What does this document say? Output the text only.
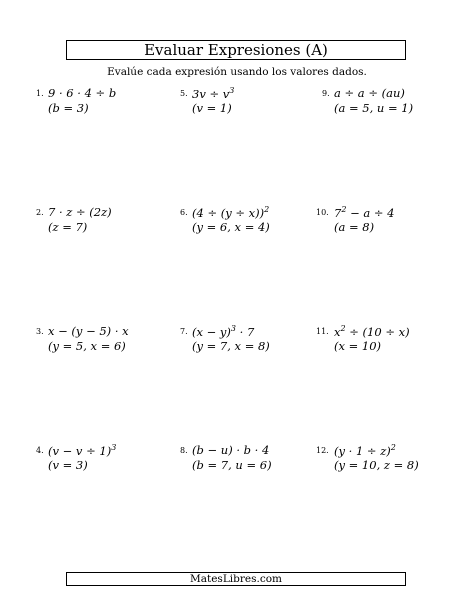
Evaluar Expresiones (A)
Evalúe cada expresión usando los valores dados.
1. 9 · 6 · 4 ÷ b
(b = 3)
2. 7 · z ÷ (2z)
(z = 7)
3. x − (y − 5) · x
(y = 5, x = 6)
4. $(v - v \div 1)^3$
(v = 3)
5. $3v \div v^3$
(v = 1)
6. $(4 \div (y \div x))^2$
(y = 6, x = 4)
7. $(x - y)^3 \cdot 7$
(y = 7, x = 8)
8. (b − u) · b · 4
(b = 7, u = 6)
9. a ÷ a ÷ (au)
(a = 5, u = 1)
10. $7^2 - a \div 4$
(a = 8)
11. $x^2 \div (10 \div x)$
(x = 10)
12. $(y \cdot 1 \div z)^2$
(y = 10, z = 8)
MatesLibres.com
